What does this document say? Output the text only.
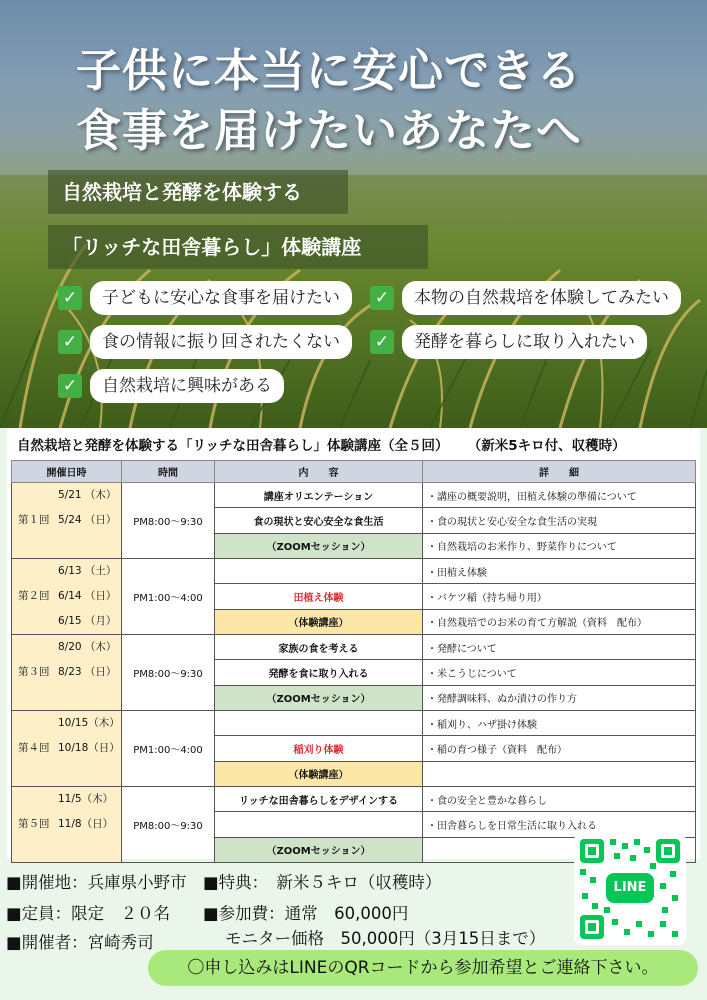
子供に本当に安心できる
食事を届けたいあなたへ
自然栽培と発酵を体験する
「リッチな田舎暮らし」体験講座
✓	子どもに安心な食事を届けたい	✓	本物の自然栽培を体験してみたい
✓	食の情報に振り回されたくない	✓	発酵を暮らしに取り入れたい
✓	自然栽培に興味がある
自然栽培と発酵を体験する「リッチな田舎暮らし」体験講座（全５回） （新米5キロ付、収穫時）
開催日時	時間	内　　容	詳　　細

5/21 （木）
第１回 5/24 （日）	PM8:00～9:30	講座オリエンテーション	・講座の概要説明，田植え体験の準備について
		食の現状と安心安全な食生活	・食の現状と安心安全な食生活の実現
		（ZOOMセッション）	・自然栽培のお米作り、野菜作りについて

6/13 （土）
第２回 6/14 （日）
6/15 （月）	PM1:00～4:00		・田植え体験
		田植え体験	・バケツ稲（持ち帰り用）
		（体験講座）	・自然栽培でのお米の育て方解説（資料　配布）

8/20 （木）
第３回 8/23 （日）	PM8:00～9:30	家族の食を考える	・発酵について
		発酵を食に取り入れる	・米こうじについて
		（ZOOMセッション）	・発酵調味料、ぬか漬けの作り方

10/15（木）
第４回 10/18（日）	PM1:00～4:00		・稲刈り、ハザ掛け体験
		稲刈り体験	・稲の育つ様子（資料　配布）
		（体験講座）	

11/5（木）
第５回 11/8（日）	PM8:00～9:30	リッチな田舎暮らしをデザインする	・食の安全と豊かな暮らし
			・田舎暮らしを日常生活に取り入れる
		（ZOOMセッション）	
■開催地：兵庫県小野市 ■特典：　新米５キロ（収穫時）
■定員：限定　２０名 ■参加費：通常　60,000円
■開催者：宮崎秀司	モニター価格　50,000円（3月15日まで）
LINE
〇申し込みはLINEのQRコードから参加希望とご連絡下さい。
